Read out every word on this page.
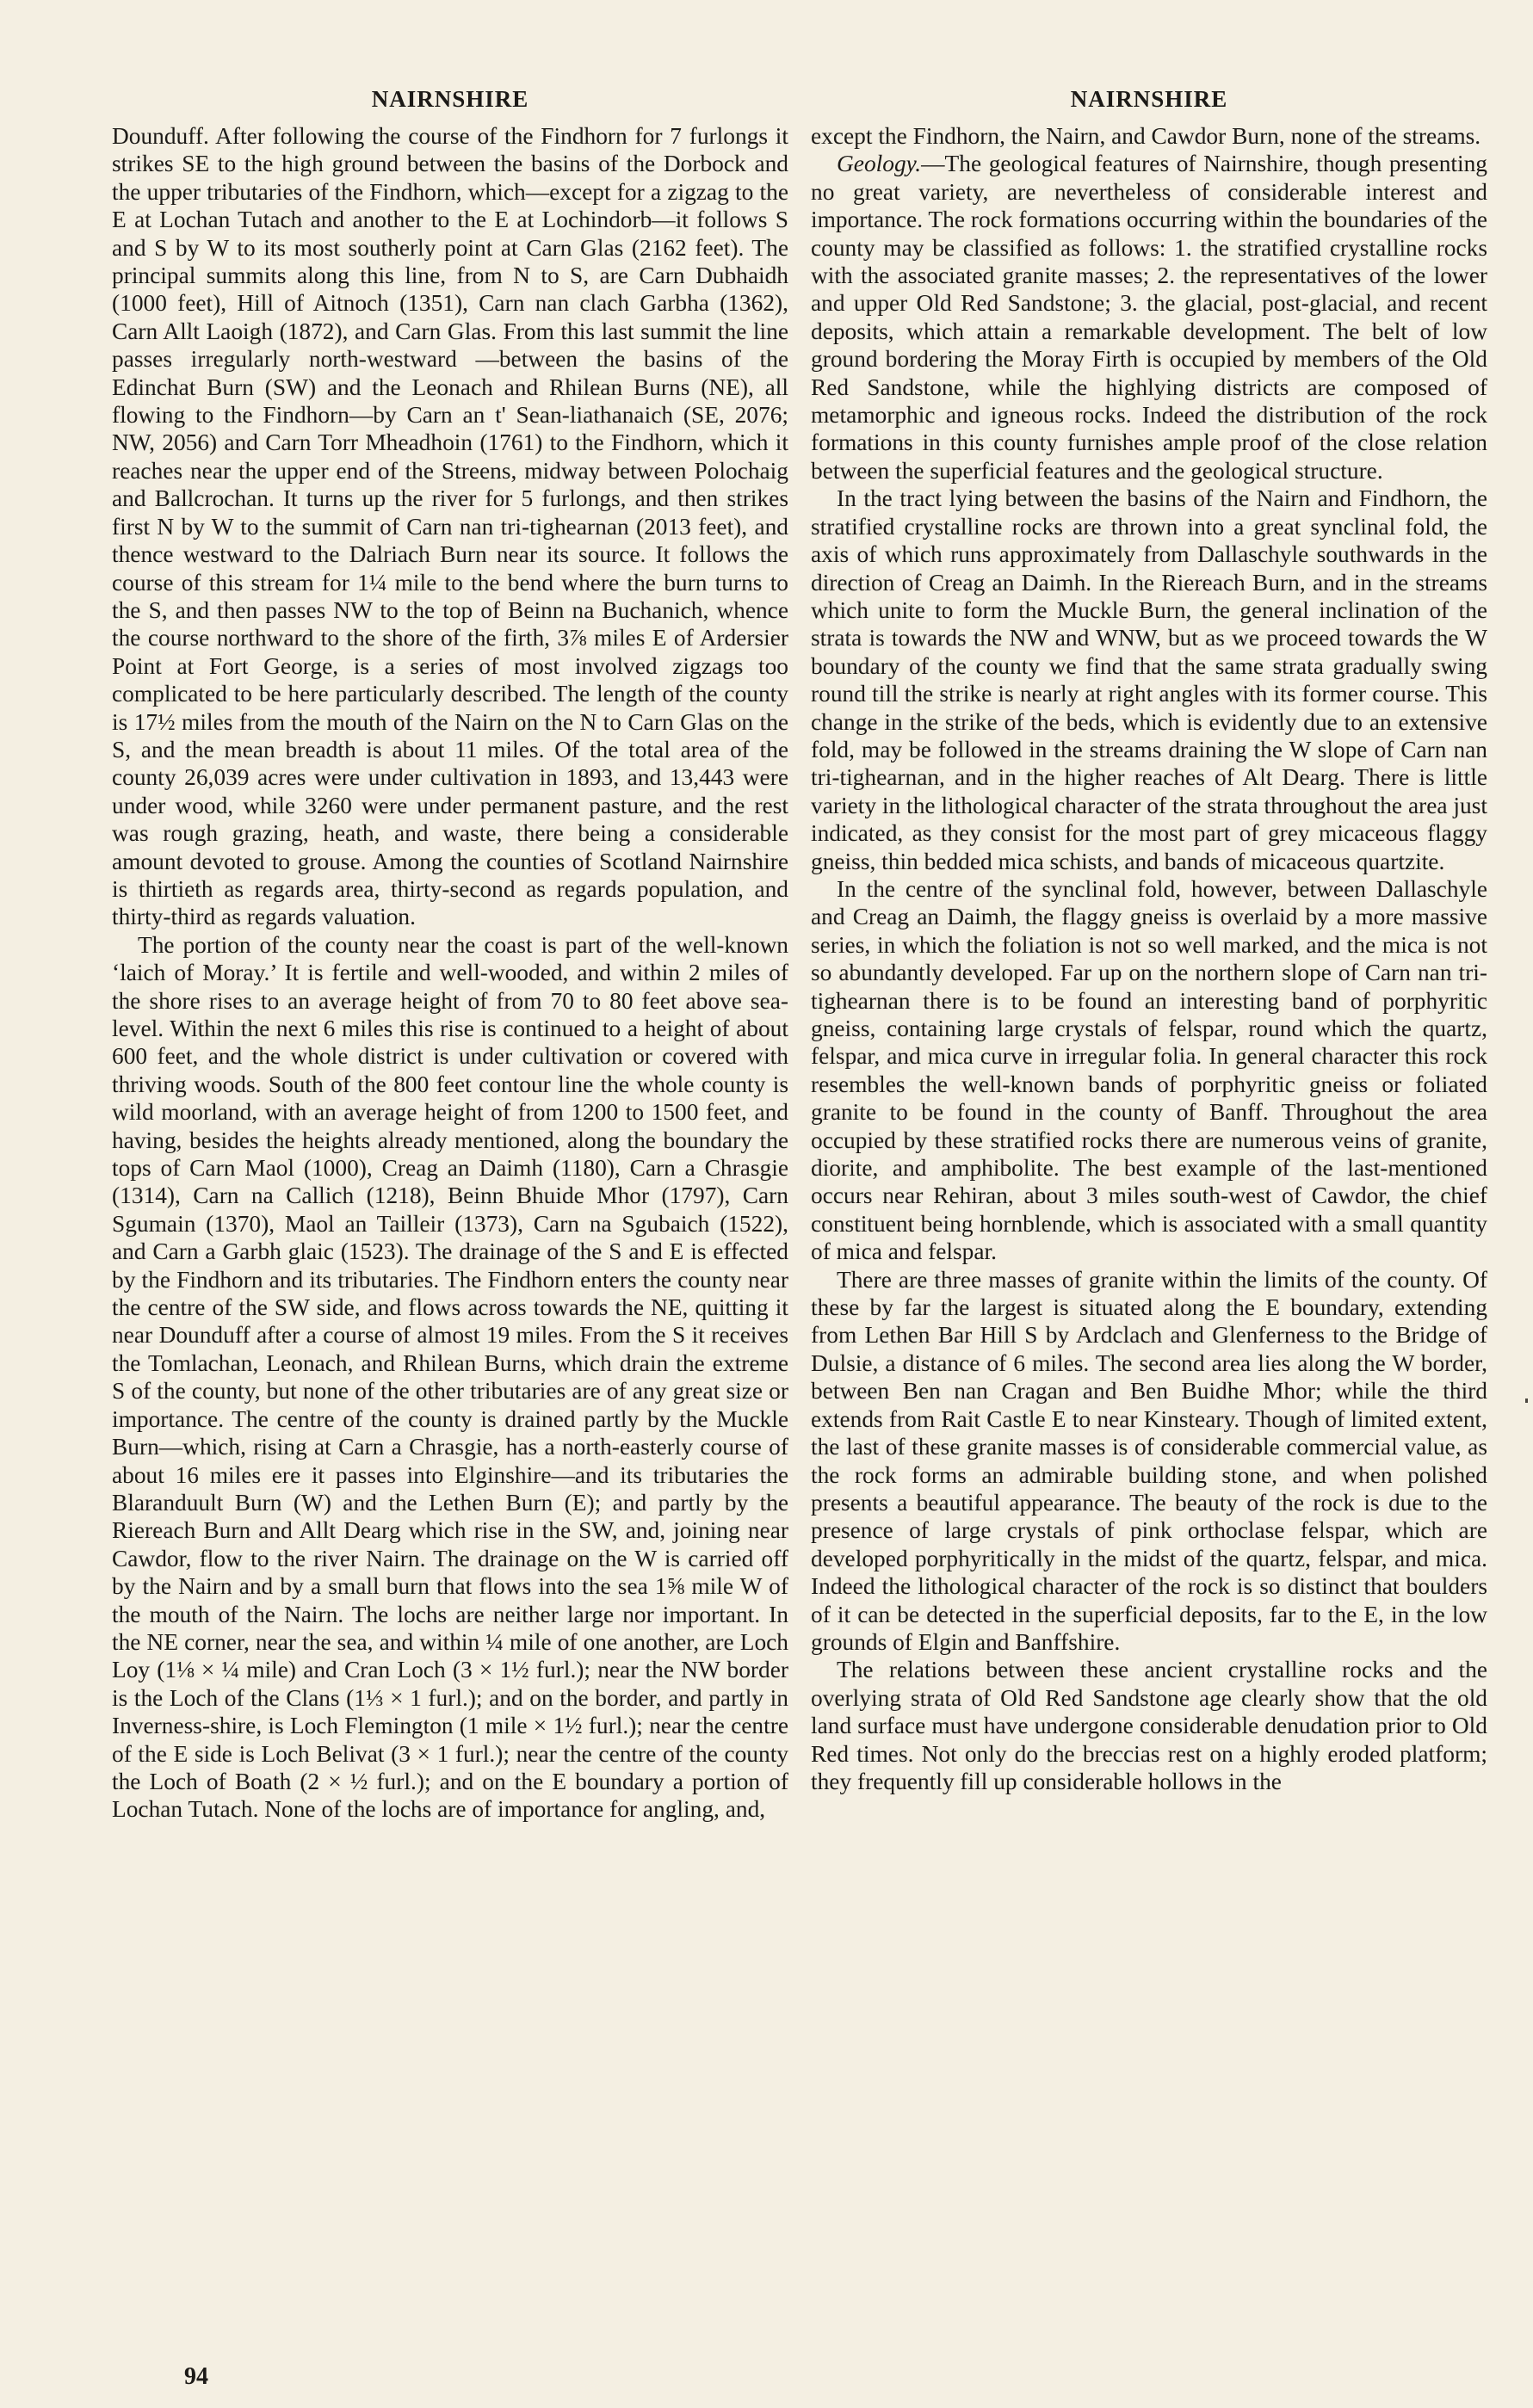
NAIRNSHIRE

Dounduff. After following the course of the Findhorn for 7 furlongs it strikes SE to the high ground between the basins of the Dorbock and the upper tributaries of the Findhorn, which—except for a zigzag to the E at Lochan Tutach and another to the E at Lochindorb—it follows S and S by W to its most southerly point at Carn Glas (2162 feet). The principal summits along this line, from N to S, are Carn Dubhaidh (1000 feet), Hill of Aitnoch (1351), Carn nan clach Garbha (1362), Carn Allt Laoigh (1872), and Carn Glas. From this last summit the line passes irregularly north-westward —between the basins of the Edinchat Burn (SW) and the Leonach and Rhilean Burns (NE), all flowing to the Findhorn—by Carn an t' Sean-liathanaich (SE, 2076; NW, 2056) and Carn Torr Mheadhoin (1761) to the Findhorn, which it reaches near the upper end of the Streens, midway between Polochaig and Ballcrochan. It turns up the river for 5 furlongs, and then strikes first N by W to the summit of Carn nan tri-tighearnan (2013 feet), and thence westward to the Dalriach Burn near its source. It follows the course of this stream for 1¼ mile to the bend where the burn turns to the S, and then passes NW to the top of Beinn na Buchanich, whence the course northward to the shore of the firth, 3⅞ miles E of Ardersier Point at Fort George, is a series of most involved zigzags too complicated to be here particularly described. The length of the county is 17½ miles from the mouth of the Nairn on the N to Carn Glas on the S, and the mean breadth is about 11 miles. Of the total area of the county 26,039 acres were under cultivation in 1893, and 13,443 were under wood, while 3260 were under permanent pasture, and the rest was rough grazing, heath, and waste, there being a considerable amount devoted to grouse. Among the counties of Scotland Nairnshire is thirtieth as regards area, thirty-second as regards population, and thirty-third as regards valuation.

The portion of the county near the coast is part of the well-known ‘laich of Moray.’ It is fertile and well-wooded, and within 2 miles of the shore rises to an average height of from 70 to 80 feet above sea-level. Within the next 6 miles this rise is continued to a height of about 600 feet, and the whole district is under cultivation or covered with thriving woods. South of the 800 feet contour line the whole county is wild moorland, with an average height of from 1200 to 1500 feet, and having, besides the heights already mentioned, along the boundary the tops of Carn Maol (1000), Creag an Daimh (1180), Carn a Chrasgie (1314), Carn na Callich (1218), Beinn Bhuide Mhor (1797), Carn Sgumain (1370), Maol an Tailleir (1373), Carn na Sgubaich (1522), and Carn a Garbh glaic (1523). The drainage of the S and E is effected by the Findhorn and its tributaries. The Findhorn enters the county near the centre of the SW side, and flows across towards the NE, quitting it near Dounduff after a course of almost 19 miles. From the S it receives the Tomlachan, Leonach, and Rhilean Burns, which drain the extreme S of the county, but none of the other tributaries are of any great size or importance. The centre of the county is drained partly by the Muckle Burn—which, rising at Carn a Chrasgie, has a north-easterly course of about 16 miles ere it passes into Elginshire—and its tributaries the Blaranduult Burn (W) and the Lethen Burn (E); and partly by the Riereach Burn and Allt Dearg which rise in the SW, and, joining near Cawdor, flow to the river Nairn. The drainage on the W is carried off by the Nairn and by a small burn that flows into the sea 1⅝ mile W of the mouth of the Nairn. The lochs are neither large nor important. In the NE corner, near the sea, and within ¼ mile of one another, are Loch Loy (1⅛ × ¼ mile) and Cran Loch (3 × 1½ furl.); near the NW border is the Loch of the Clans (1⅓ × 1 furl.); and on the border, and partly in Inverness-shire, is Loch Flemington (1 mile × 1½ furl.); near the centre of the E side is Loch Belivat (3 × 1 furl.); near the centre of the county the Loch of Boath (2 × ½ furl.); and on the E boundary a portion of Lochan Tutach. None of the lochs are of importance for angling, and,

NAIRNSHIRE

except the Findhorn, the Nairn, and Cawdor Burn, none of the streams.

Geology.—The geological features of Nairnshire, though presenting no great variety, are nevertheless of considerable interest and importance. The rock formations occurring within the boundaries of the county may be classified as follows: 1. the stratified crystalline rocks with the associated granite masses; 2. the representatives of the lower and upper Old Red Sandstone; 3. the glacial, post-glacial, and recent deposits, which attain a remarkable development. The belt of low ground bordering the Moray Firth is occupied by members of the Old Red Sandstone, while the highlying districts are composed of metamorphic and igneous rocks. Indeed the distribution of the rock formations in this county furnishes ample proof of the close relation between the superficial features and the geological structure.

In the tract lying between the basins of the Nairn and Findhorn, the stratified crystalline rocks are thrown into a great synclinal fold, the axis of which runs approximately from Dallaschyle southwards in the direction of Creag an Daimh. In the Riereach Burn, and in the streams which unite to form the Muckle Burn, the general inclination of the strata is towards the NW and WNW, but as we proceed towards the W boundary of the county we find that the same strata gradually swing round till the strike is nearly at right angles with its former course. This change in the strike of the beds, which is evidently due to an extensive fold, may be followed in the streams draining the W slope of Carn nan tri-tighearnan, and in the higher reaches of Alt Dearg. There is little variety in the lithological character of the strata throughout the area just indicated, as they consist for the most part of grey micaceous flaggy gneiss, thin bedded mica schists, and bands of micaceous quartzite.

In the centre of the synclinal fold, however, between Dallaschyle and Creag an Daimh, the flaggy gneiss is overlaid by a more massive series, in which the foliation is not so well marked, and the mica is not so abundantly developed. Far up on the northern slope of Carn nan tri-tighearnan there is to be found an interesting band of porphyritic gneiss, containing large crystals of felspar, round which the quartz, felspar, and mica curve in irregular folia. In general character this rock resembles the well-known bands of porphyritic gneiss or foliated granite to be found in the county of Banff. Throughout the area occupied by these stratified rocks there are numerous veins of granite, diorite, and amphibolite. The best example of the last-mentioned occurs near Rehiran, about 3 miles south-west of Cawdor, the chief constituent being hornblende, which is associated with a small quantity of mica and felspar.

There are three masses of granite within the limits of the county. Of these by far the largest is situated along the E boundary, extending from Lethen Bar Hill S by Ardclach and Glenferness to the Bridge of Dulsie, a distance of 6 miles. The second area lies along the W border, between Ben nan Cragan and Ben Buidhe Mhor; while the third extends from Rait Castle E to near Kinsteary. Though of limited extent, the last of these granite masses is of considerable commercial value, as the rock forms an admirable building stone, and when polished presents a beautiful appearance. The beauty of the rock is due to the presence of large crystals of pink orthoclase felspar, which are developed porphyritically in the midst of the quartz, felspar, and mica. Indeed the lithological character of the rock is so distinct that boulders of it can be detected in the superficial deposits, far to the E, in the low grounds of Elgin and Banffshire.

The relations between these ancient crystalline rocks and the overlying strata of Old Red Sandstone age clearly show that the old land surface must have undergone considerable denudation prior to Old Red times. Not only do the breccias rest on a highly eroded platform; they frequently fill up considerable hollows in the

94
